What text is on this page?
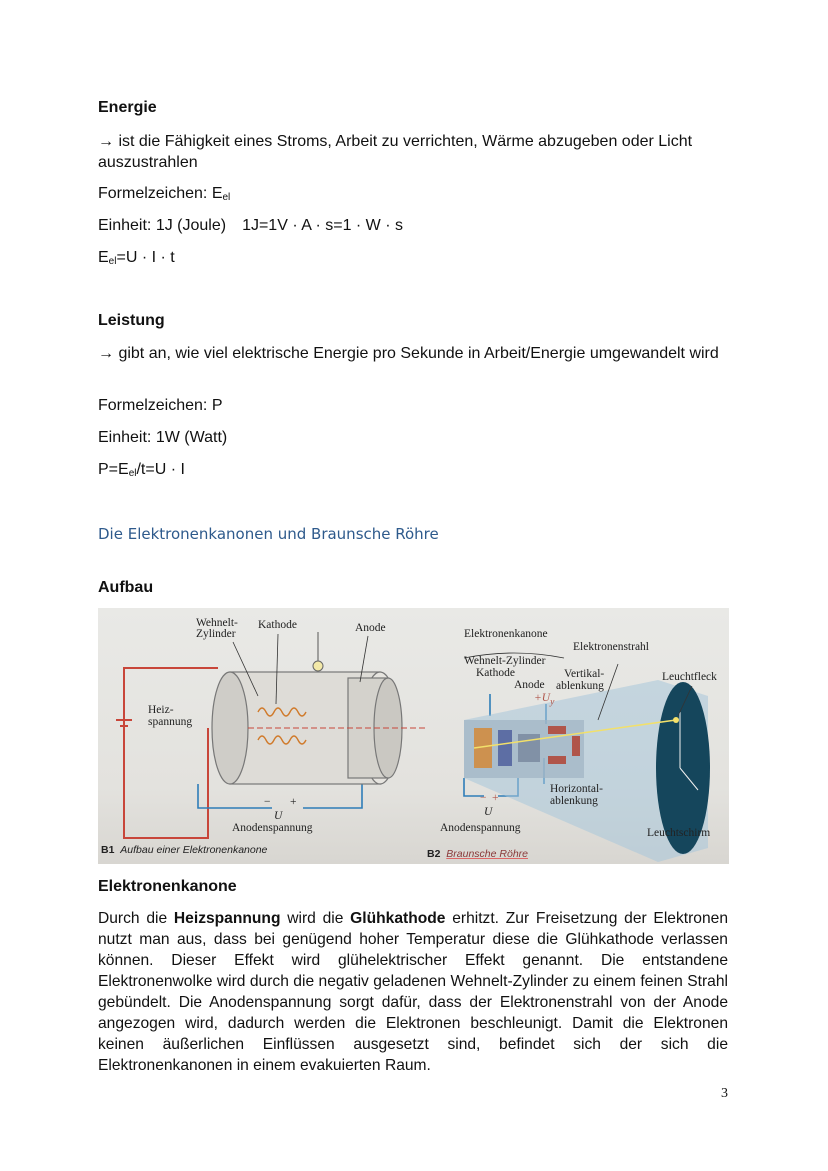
Energie
→ ist die Fähigkeit eines Stroms, Arbeit zu verrichten, Wärme abzugeben oder Licht auszustrahlen
Formelzeichen: $E_{el}$
Einheit: 1J (Joule) 1J=1V · A · s=1 · W · s
$E_{el}=U \cdot I \cdot t$
Leistung
→ gibt an, wie viel elektrische Energie pro Sekunde in Arbeit/Energie umgewandelt wird
Formelzeichen: P
Einheit: 1W (Watt)
$P=E_{el}/t=U \cdot I$
Die Elektronenkanonen und Braunsche Röhre
Aufbau
Wehnelt-
Zylinder
Kathode	Anode
Heiz-
spannung
− +
U
Anodenspannung
B1 Aufbau einer Elektronenkanone
Elektronenkanone
Elektronenstrahl
Wehnelt-Zylinder
Kathode	Vertikal-
Anode ablenkung
$+U_y$
Leuchtfleck
Horizontal-
ablenkung
− +
U
Anodenspannung	Leuchtschirm
B2 Braunsche Röhre
Elektronenkanone
Durch die Heizspannung wird die Glühkathode erhitzt. Zur Freisetzung der Elektronen nutzt man aus, dass bei genügend hoher Temperatur diese die Glühkathode verlassen können. Dieser Effekt wird glühelektrischer Effekt genannt. Die entstandene Elektronenwolke wird durch die negativ geladenen Wehnelt-Zylinder zu einem feinen Strahl gebündelt. Die Anodenspannung sorgt dafür, dass der Elektronenstrahl von der Anode angezogen wird, dadurch werden die Elektronen beschleunigt. Damit die Elektronen keinen äußerlichen Einflüssen ausgesetzt sind, befindet sich der sich die Elektronenkanonen in einem evakuierten Raum.
3
